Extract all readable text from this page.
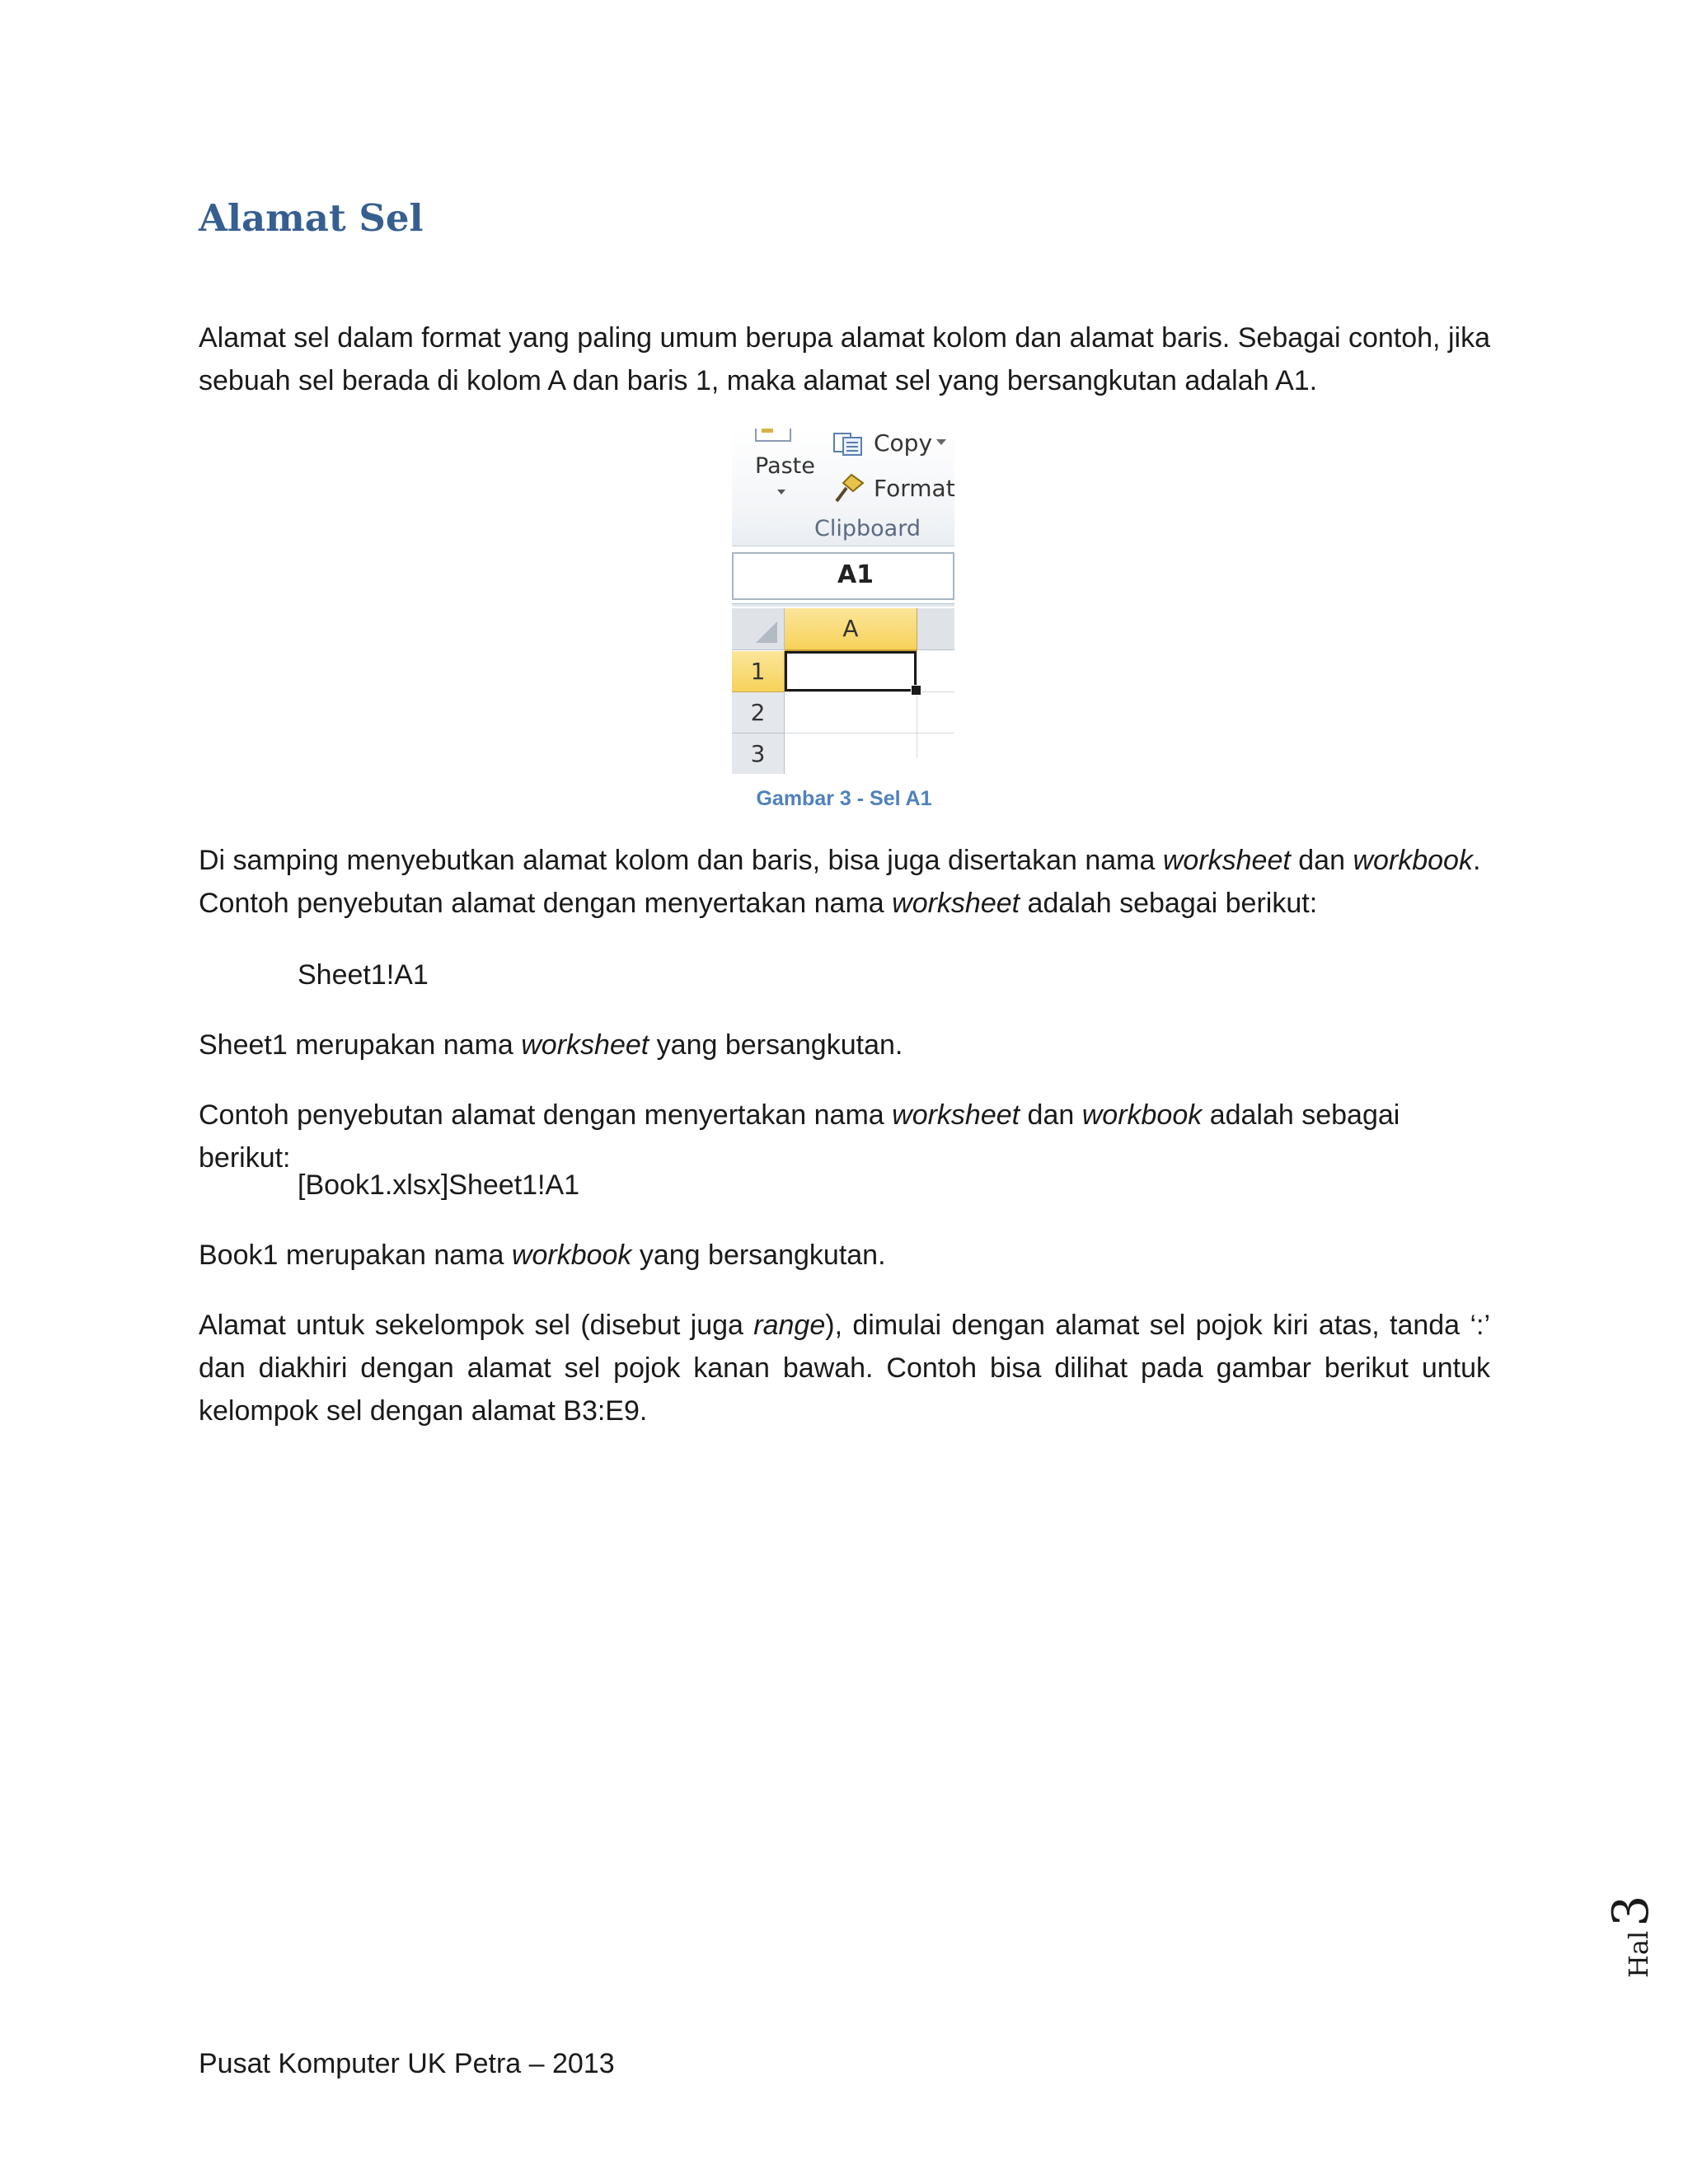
Alamat Sel

Alamat sel dalam format yang paling umum berupa alamat kolom dan alamat baris. Sebagai contoh, jika sebuah sel berada di kolom A dan baris 1, maka alamat sel yang bersangkutan adalah A1.

Paste
Copy
Format
Clipboard
A1
A
1
2
3

Gambar 3 - Sel A1

Di samping menyebutkan alamat kolom dan baris, bisa juga disertakan nama worksheet dan workbook. Contoh penyebutan alamat dengan menyertakan nama worksheet adalah sebagai berikut:

Sheet1!A1

Sheet1 merupakan nama worksheet yang bersangkutan.

Contoh penyebutan alamat dengan menyertakan nama worksheet dan workbook adalah sebagai berikut:

[Book1.xlsx]Sheet1!A1

Book1 merupakan nama workbook yang bersangkutan.

Alamat untuk sekelompok sel (disebut juga range), dimulai dengan alamat sel pojok kiri atas, tanda ‘:’ dan diakhiri dengan alamat sel pojok kanan bawah. Contoh bisa dilihat pada gambar berikut untuk kelompok sel dengan alamat B3:E9.

Hal 3

Pusat Komputer UK Petra – 2013
